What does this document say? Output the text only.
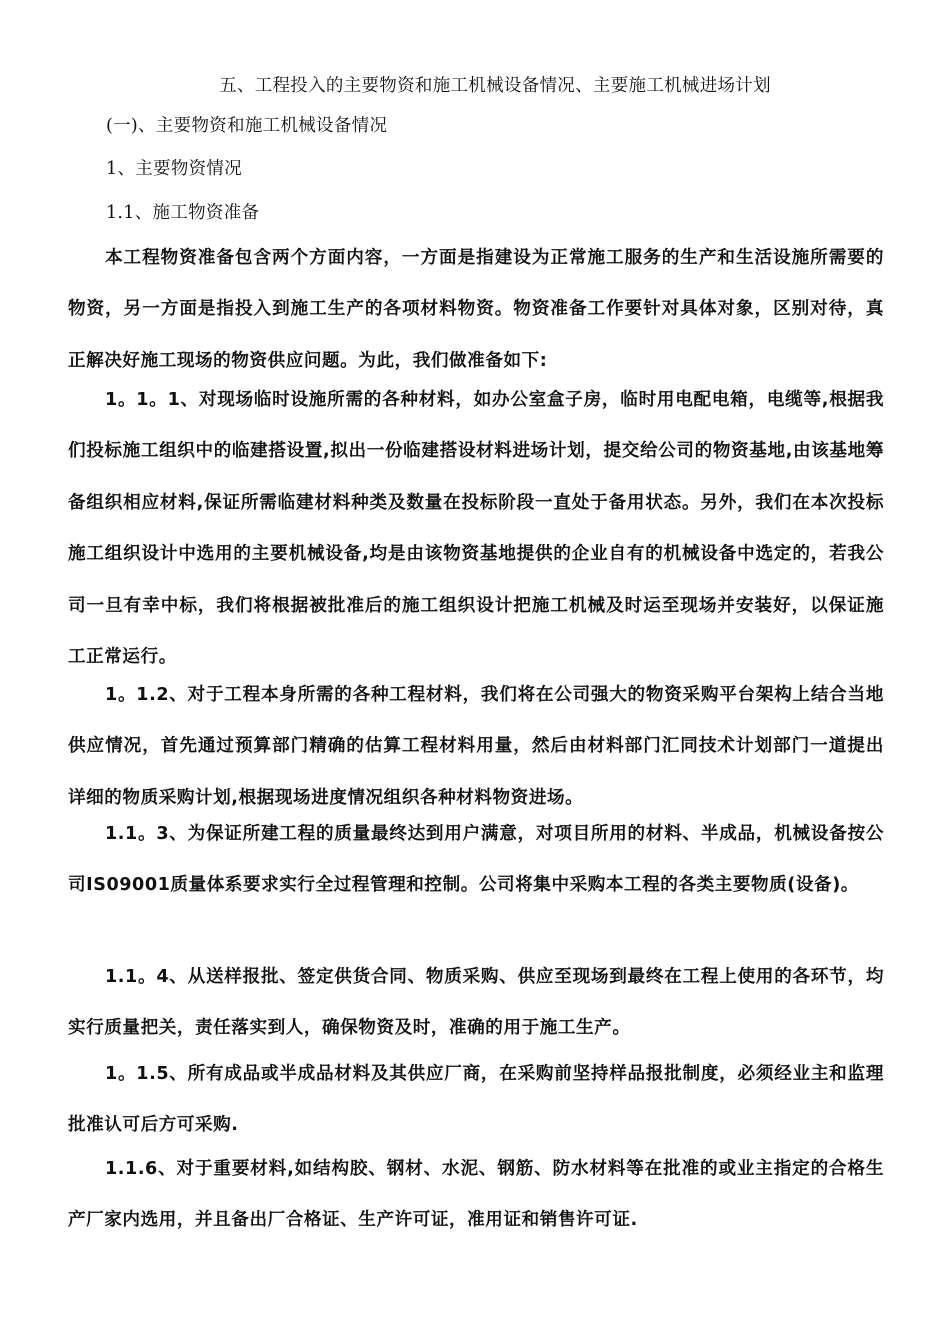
五、工程投入的主要物资和施工机械设备情况、主要施工机械进场计划
(一)、主要物资和施工机械设备情况
1、主要物资情况
1.1、施工物资准备

本工程物资准备包含两个方面内容，一方面是指建设为正常施工服务的生产和生活设施所需要的物资，另一方面是指投入到施工生产的各项材料物资。物资准备工作要针对具体对象，区别对待，真正解决好施工现场的物资供应问题。为此，我们做准备如下:

1。1。1、对现场临时设施所需的各种材料，如办公室盒子房，临时用电配电箱，电缆等,根据我们投标施工组织中的临建搭设置,拟出一份临建搭设材料进场计划，提交给公司的物资基地,由该基地筹备组织相应材料,保证所需临建材料种类及数量在投标阶段一直处于备用状态。另外，我们在本次投标施工组织设计中选用的主要机械设备,均是由该物资基地提供的企业自有的机械设备中选定的，若我公司一旦有幸中标，我们将根据被批准后的施工组织设计把施工机械及时运至现场并安装好，以保证施工正常运行。

1。1.2、对于工程本身所需的各种工程材料，我们将在公司强大的物资采购平台架构上结合当地供应情况，首先通过预算部门精确的估算工程材料用量，然后由材料部门汇同技术计划部门一道提出详细的物质采购计划,根据现场进度情况组织各种材料物资进场。

1.1。3、为保证所建工程的质量最终达到用户满意，对项目所用的材料、半成品，机械设备按公司IS09001质量体系要求实行全过程管理和控制。公司将集中采购本工程的各类主要物质(设备)。

1.1。4、从送样报批、签定供货合同、物质采购、供应至现场到最终在工程上使用的各环节，均实行质量把关，责任落实到人，确保物资及时，准确的用于施工生产。

1。1.5、所有成品或半成品材料及其供应厂商，在采购前坚持样品报批制度，必须经业主和监理批准认可后方可采购.

1.1.6、对于重要材料,如结构胶、钢材、水泥、钢筋、防水材料等在批准的或业主指定的合格生产厂家内选用，并且备出厂合格证、生产许可证，准用证和销售许可证.
